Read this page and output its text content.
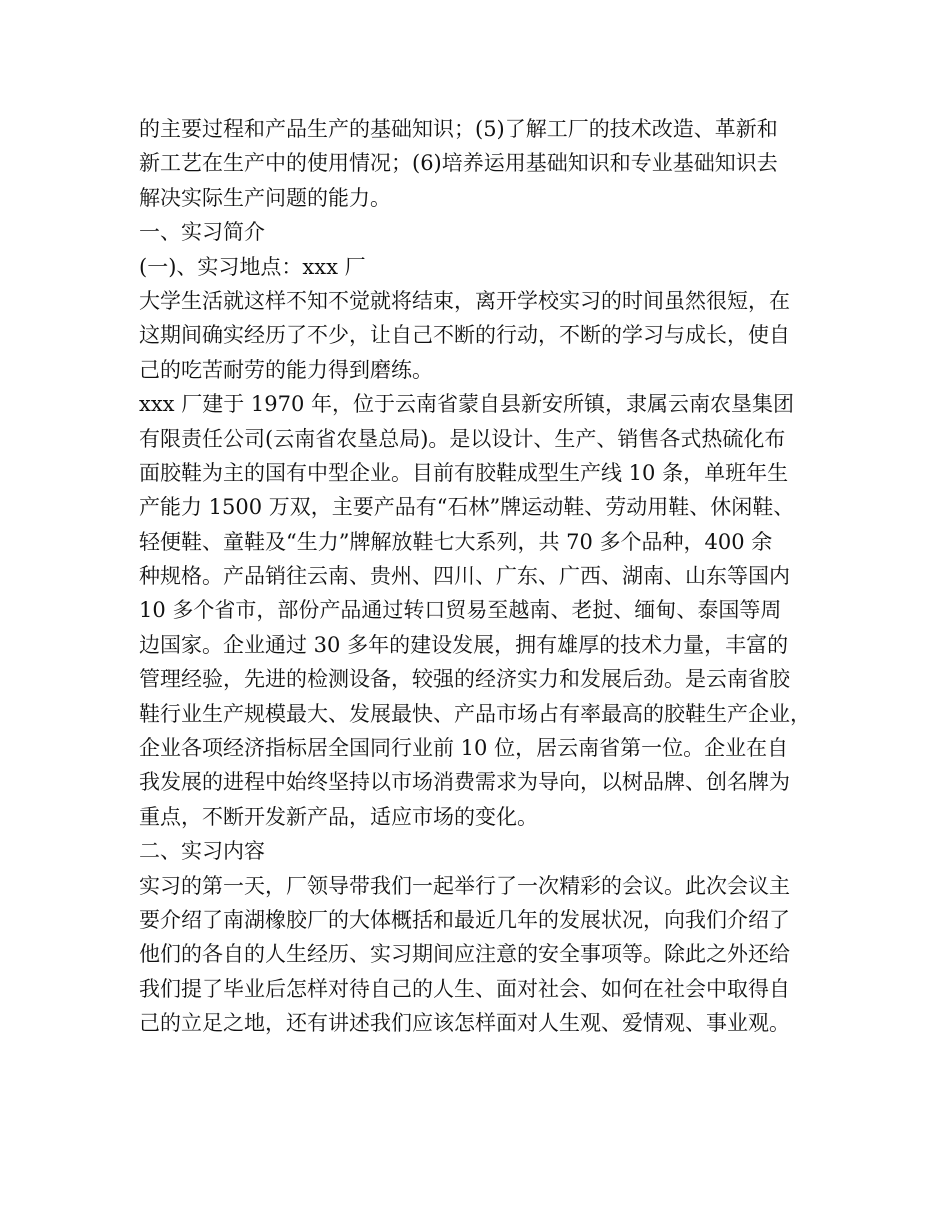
的主要过程和产品生产的基础知识；(5)了解工厂的技术改造、革新和
新工艺在生产中的使用情况；(6)培养运用基础知识和专业基础知识去
解决实际生产问题的能力。
一、实习简介
(一)、实习地点：xxx 厂
大学生活就这样不知不觉就将结束，离开学校实习的时间虽然很短，在
这期间确实经历了不少，让自己不断的行动，不断的学习与成长，使自
己的吃苦耐劳的能力得到磨练。
xxx 厂建于 1970 年，位于云南省蒙自县新安所镇，隶属云南农垦集团
有限责任公司(云南省农垦总局)。是以设计、生产、销售各式热硫化布
面胶鞋为主的国有中型企业。目前有胶鞋成型生产线 10 条，单班年生
产能力 1500 万双，主要产品有“石林”牌运动鞋、劳动用鞋、休闲鞋、
轻便鞋、童鞋及“生力”牌解放鞋七大系列，共 70 多个品种，400 余
种规格。产品销往云南、贵州、四川、广东、广西、湖南、山东等国内
10 多个省市，部份产品通过转口贸易至越南、老挝、缅甸、泰国等周
边国家。企业通过 30 多年的建设发展，拥有雄厚的技术力量，丰富的
管理经验，先进的检测设备，较强的经济实力和发展后劲。是云南省胶
鞋行业生产规模最大、发展最快、产品市场占有率最高的胶鞋生产企业，
企业各项经济指标居全国同行业前 10 位，居云南省第一位。企业在自
我发展的进程中始终坚持以市场消费需求为导向，以树品牌、创名牌为
重点，不断开发新产品，适应市场的变化。
二、实习内容
实习的第一天，厂领导带我们一起举行了一次精彩的会议。此次会议主
要介绍了南湖橡胶厂的大体概括和最近几年的发展状况，向我们介绍了
他们的各自的人生经历、实习期间应注意的安全事项等。除此之外还给
我们提了毕业后怎样对待自己的人生、面对社会、如何在社会中取得自
己的立足之地，还有讲述我们应该怎样面对人生观、爱情观、事业观。
